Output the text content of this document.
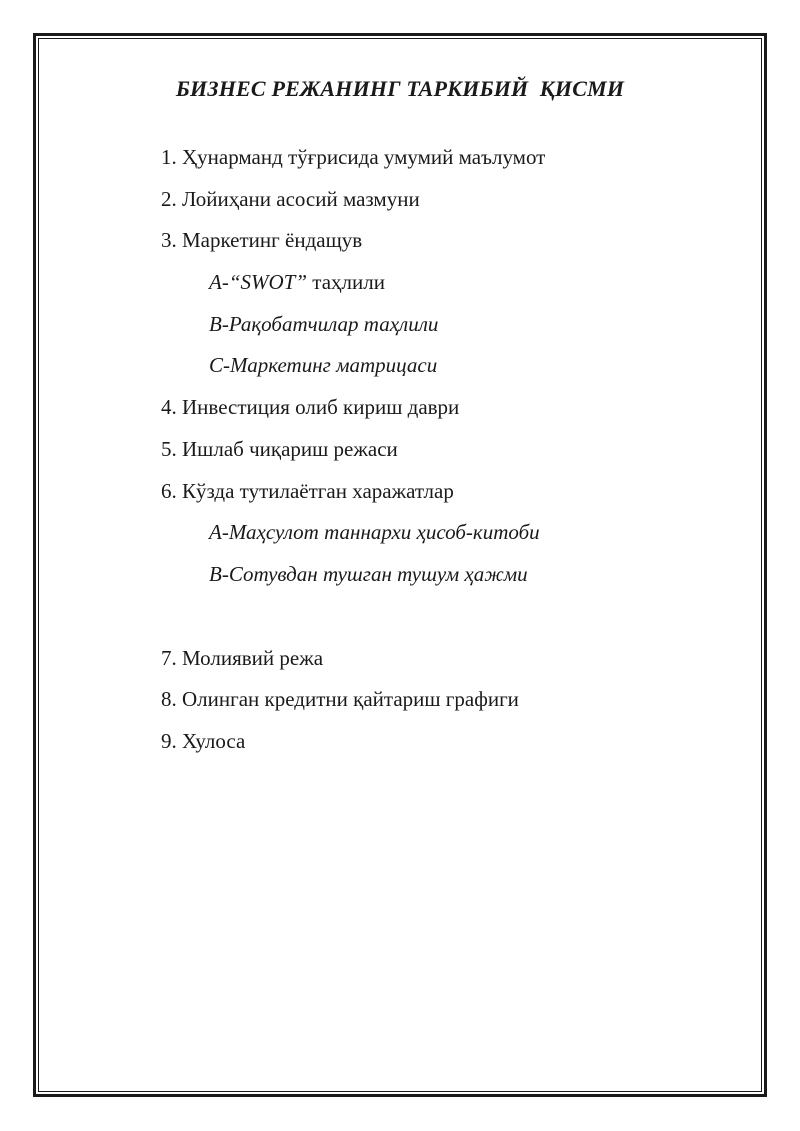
БИЗНЕС РЕЖАНИНГ ТАРКИБИЙ  ҚИСМИ
1. Ҳунарманд тўғрисида умумий маълумот
2. Лойиҳани асосий мазмуни
3. Маркетинг ёндащув
А-“SWOT” таҳлили
В-Рақобатчилар таҳлили
С-Маркетинг матрицаси
4. Инвестиция олиб кириш даври
5. Ишлаб чиқариш режаси
6. Кўзда тутилаётган харажатлар
А-Маҳсулот таннархи ҳисоб-китоби
В-Сотувдан тушган тушум ҳажми
7. Молиявий режа
8. Олинган кредитни қайтариш графиги
9. Хулоса
